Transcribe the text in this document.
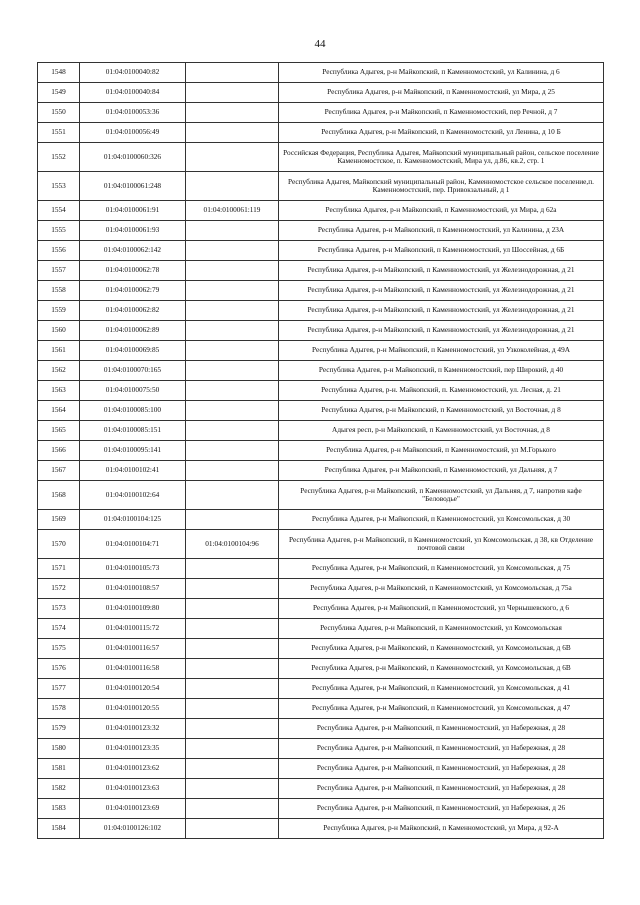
44
1548	01:04:0100040:82		Республика Адыгея, р-н Майкопский, п Каменномостский, ул Калинина, д 6
1549	01:04:0100040:84		Республика Адыгея, р-н Майкопский, п Каменномостский, ул Мира, д 25
1550	01:04:0100053:36		Республика Адыгея, р-н Майкопский, п Каменномостский, пер Речной, д 7
1551	01:04:0100056:49		Республика Адыгея, р-н Майкопский, п Каменномостский, ул Ленина, д 10 Б
1552	01:04:0100060:326		Российская Федерация, Республика Адыгея, Майкопский муниципальный район, сельское поселение Каменномостское, п. Каменномостский, Мира ул, д.86, кв.2, стр. 1
1553	01:04:0100061:248		Республика Адыгея, Майкопский муниципальный район, Каменномостское сельское поселение,п. Каменномостский, пер. Привокзальный, д 1
1554	01:04:0100061:91	01:04:0100061:119	Республика Адыгея, р-н Майкопский, п Каменномостский, ул Мира, д 62а
1555	01:04:0100061:93		Республика Адыгея, р-н Майкопский, п Каменномостский, ул Калинина, д 23А
1556	01:04:0100062:142		Республика Адыгея, р-н Майкопский, п Каменномостский, ул Шоссейная, д 6Б
1557	01:04:0100062:78		Республика Адыгея, р-н Майкопский, п Каменномостский, ул Железнодорожная, д 21
1558	01:04:0100062:79		Республика Адыгея, р-н Майкопский, п Каменномостский, ул Железнодорожная, д 21
1559	01:04:0100062:82		Республика Адыгея, р-н Майкопский, п Каменномостский, ул Железнодорожная, д 21
1560	01:04:0100062:89		Республика Адыгея, р-н Майкопский, п Каменномостский, ул Железнодорожная, д 21
1561	01:04:0100069:85		Республика Адыгея, р-н Майкопский, п Каменномостский, ул Узкоколейная, д 49А
1562	01:04:0100070:165		Республика Адыгея, р-н Майкопский, п Каменномостский, пер Широкий, д 40
1563	01:04:0100075:50		Республика Адыгея, р-н. Майкопский, п. Каменномостский, ул. Лесная, д. 21
1564	01:04:0100085:100		Республика Адыгея, р-н Майкопский, п Каменномостский, ул Восточная, д 8
1565	01:04:0100085:151		Адыгея респ, р-н Майкопский, п Каменномостский, ул Восточная, д 8
1566	01:04:0100095:141		Республика Адыгея, р-н Майкопский, п Каменномостский, ул М.Горького
1567	01:04:0100102:41		Республика Адыгея, р-н Майкопский, п Каменномостский, ул Дальняя, д 7
1568	01:04:0100102:64		Республика Адыгея, р-н Майкопский, п Каменномостский, ул Дальняя, д 7, напротив кафе "Беловодье"
1569	01:04:0100104:125		Республика Адыгея, р-н Майкопский, п Каменномостский, ул Комсомольская, д 30
1570	01:04:0100104:71	01:04:0100104:96	Республика Адыгея, р-н Майкопский, п Каменномостский, ул Комсомольская, д 38, кв Отделение почтовой связи
1571	01:04:0100105:73		Республика Адыгея, р-н Майкопский, п Каменномостский, ул Комсомольская, д 75
1572	01:04:0100108:57		Республика Адыгея, р-н Майкопский, п Каменномостский, ул Комсомольская, д 75а
1573	01:04:0100109:80		Республика Адыгея, р-н Майкопский, п Каменномостский, ул Чернышевского, д 6
1574	01:04:0100115:72		Республика Адыгея, р-н Майкопский, п Каменномостский, ул Комсомольская
1575	01:04:0100116:57		Республика Адыгея, р-н Майкопский, п Каменномостский, ул Комсомольская, д 6В
1576	01:04:0100116:58		Республика Адыгея, р-н Майкопский, п Каменномостский, ул Комсомольская, д 6В
1577	01:04:0100120:54		Республика Адыгея, р-н Майкопский, п Каменномостский, ул Комсомольская, д 41
1578	01:04:0100120:55		Республика Адыгея, р-н Майкопский, п Каменномостский, ул Комсомольская, д 47
1579	01:04:0100123:32		Республика Адыгея, р-н Майкопский, п Каменномостский, ул Набережная, д 28
1580	01:04:0100123:35		Республика Адыгея, р-н Майкопский, п Каменномостский, ул Набережная, д 28
1581	01:04:0100123:62		Республика Адыгея, р-н Майкопский, п Каменномостский, ул Набережная, д 28
1582	01:04:0100123:63		Республика Адыгея, р-н Майкопский, п Каменномостский, ул Набережная, д 28
1583	01:04:0100123:69		Республика Адыгея, р-н Майкопский, п Каменномостский, ул Набережная, д 26
1584	01:04:0100126:102		Республика Адыгея, р-н Майкопский, п Каменномостский, ул Мира, д 92-А
